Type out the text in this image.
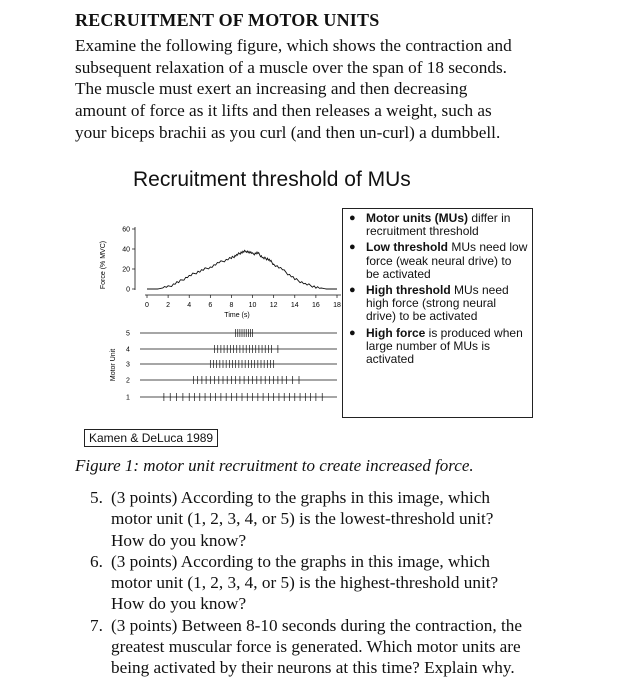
RECRUITMENT OF MOTOR UNITS
Examine the following figure, which shows the contraction and
subsequent relaxation of a muscle over the span of 18 seconds.
The muscle must exert an increasing and then decreasing
amount of force as it lifts and then releases a weight, such as
your biceps brachii as you curl (and then un-curl) a dumbbell.
Recruitment threshold of MUs
Force (% MVC)
60
40
20
0
0 2 4 6 8 10 12 14 16 18
Time (s)
Motor Unit
5
4
3
2
1
● Motor units (MUs) differ in recruitment threshold
● Low threshold MUs need low force (weak neural drive) to be activated
● High threshold MUs need high force (strong neural drive) to be activated
● High force is produced when large number of MUs is activated
Kamen & DeLuca 1989
Figure 1: motor unit recruitment to create increased force.
5. (3 points) According to the graphs in this image, which
motor unit (1, 2, 3, 4, or 5) is the lowest-threshold unit?
How do you know?
6. (3 points) According to the graphs in this image, which
motor unit (1, 2, 3, 4, or 5) is the highest-threshold unit?
How do you know?
7. (3 points) Between 8-10 seconds during the contraction, the
greatest muscular force is generated. Which motor units are
being activated by their neurons at this time? Explain why.
